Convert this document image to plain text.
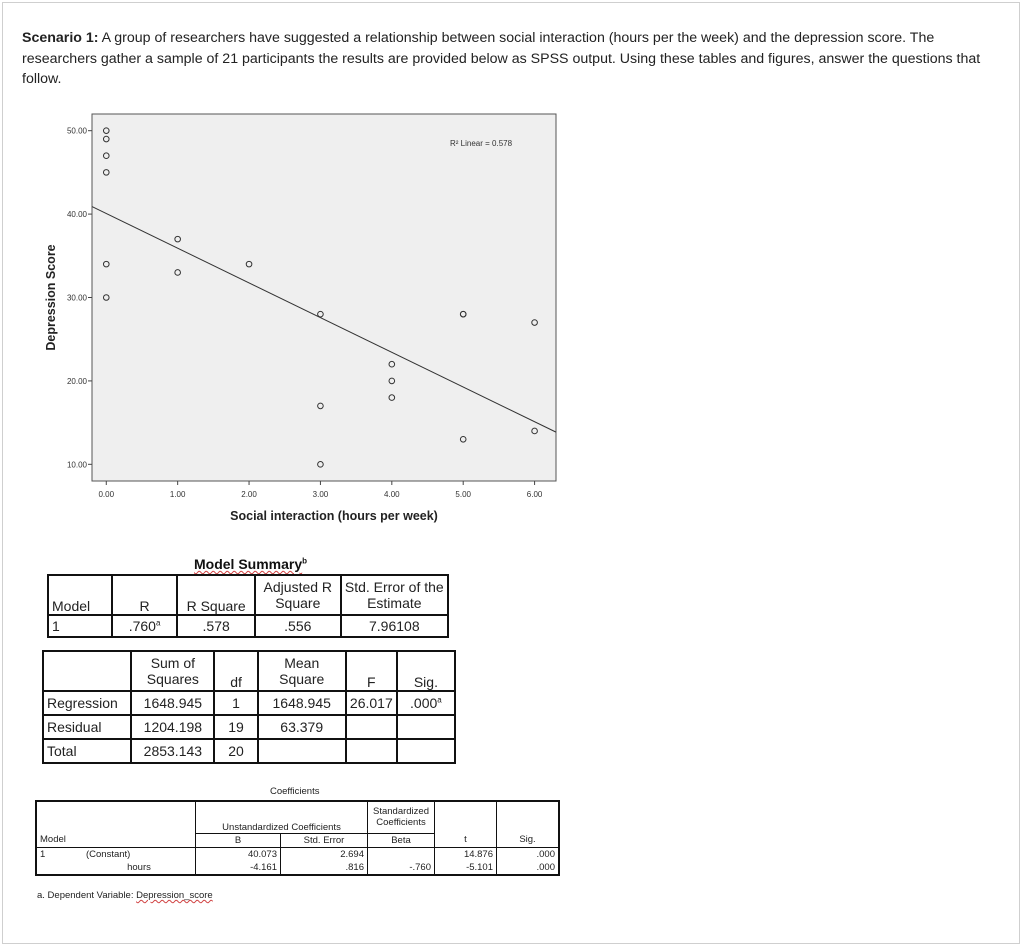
Scenario 1: A group of researchers have suggested a relationship between social interaction (hours per the week) and the depression score. The researchers gather a sample of 21 participants the results are provided below as SPSS output. Using these tables and figures, answer the questions that follow.
10.00
20.00
30.00
40.00
50.00
0.00	1.00	2.00	3.00	4.00	5.00	6.00
Social interaction (hours per week)
Depression Score
R² Linear = 0.578
Model Summary$^b$
Model	R	R Square	Adjusted R Square	Std. Error of the Estimate
1	.760$^a$	.578	.556	7.96108
	Sum of Squares	df	Mean Square	F	Sig.
Regression	1648.945	1	1648.945	26.017	.000$^a$
Residual	1204.198	19	63.379		
Total	2853.143	20			
Coefficients
		Unstandardized Coefficients		Standardized Coefficients		
Model		B	Std. Error	Beta	t	Sig.
1	(Constant)	40.073	2.694		14.876	.000
	hours	-4.161	.816	-.760	-5.101	.000
a. Dependent Variable: Depression_score
